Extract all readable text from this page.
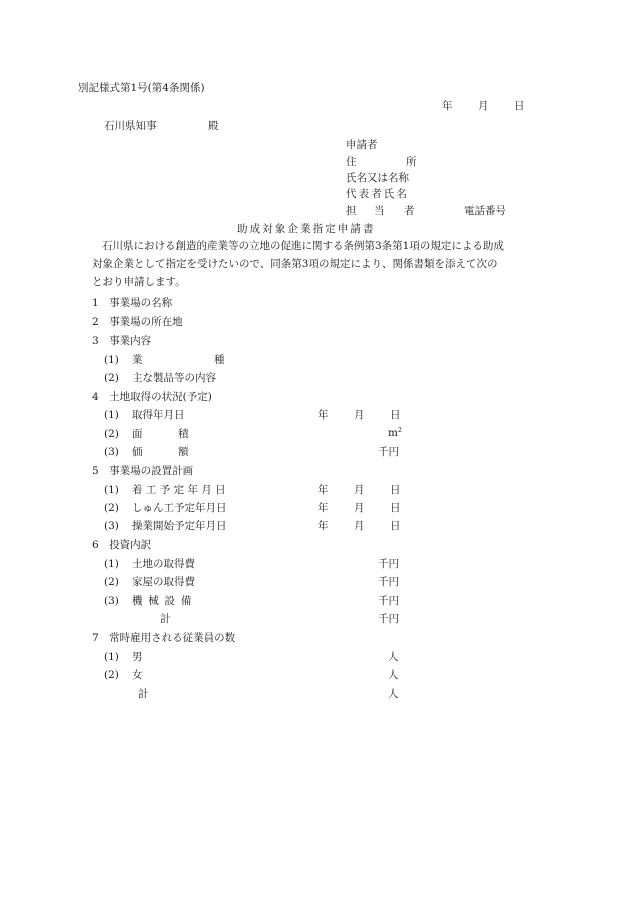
別記様式第1号(第4条関係)
年 月 日
石川県知事	殿
申請者
住	所
氏名又は名称
代表者氏名
担 当 者	電話番号
助成対象企業指定申請書
石川県における創造的産業等の立地の促進に関する条例第3条第1項の規定による助成
対象企業として指定を受けたいので、同条第3項の規定により、関係書類を添えて次の
とおり申請します。
1　事業場の名称
2　事業場の所在地
3　事業内容
(1) 業	種
(2) 主な製品等の内容
4　土地取得の状況(予定)
(1) 取得年月日	年 月 日
(2) 面	積	$m^2$
(3) 価	額	千円
5　事業場の設置計画
(1) 着工予定年月日	年 月 日
(2) しゅん工予定年月日	年 月 日
(3) 操業開始予定年月日	年 月 日
6　投資内訳
(1) 土地の取得費	千円
(2) 家屋の取得費	千円
(3) 機械設備	千円
計	千円
7　常時雇用される従業員の数
(1) 男	人
(2) 女	人
計	人
